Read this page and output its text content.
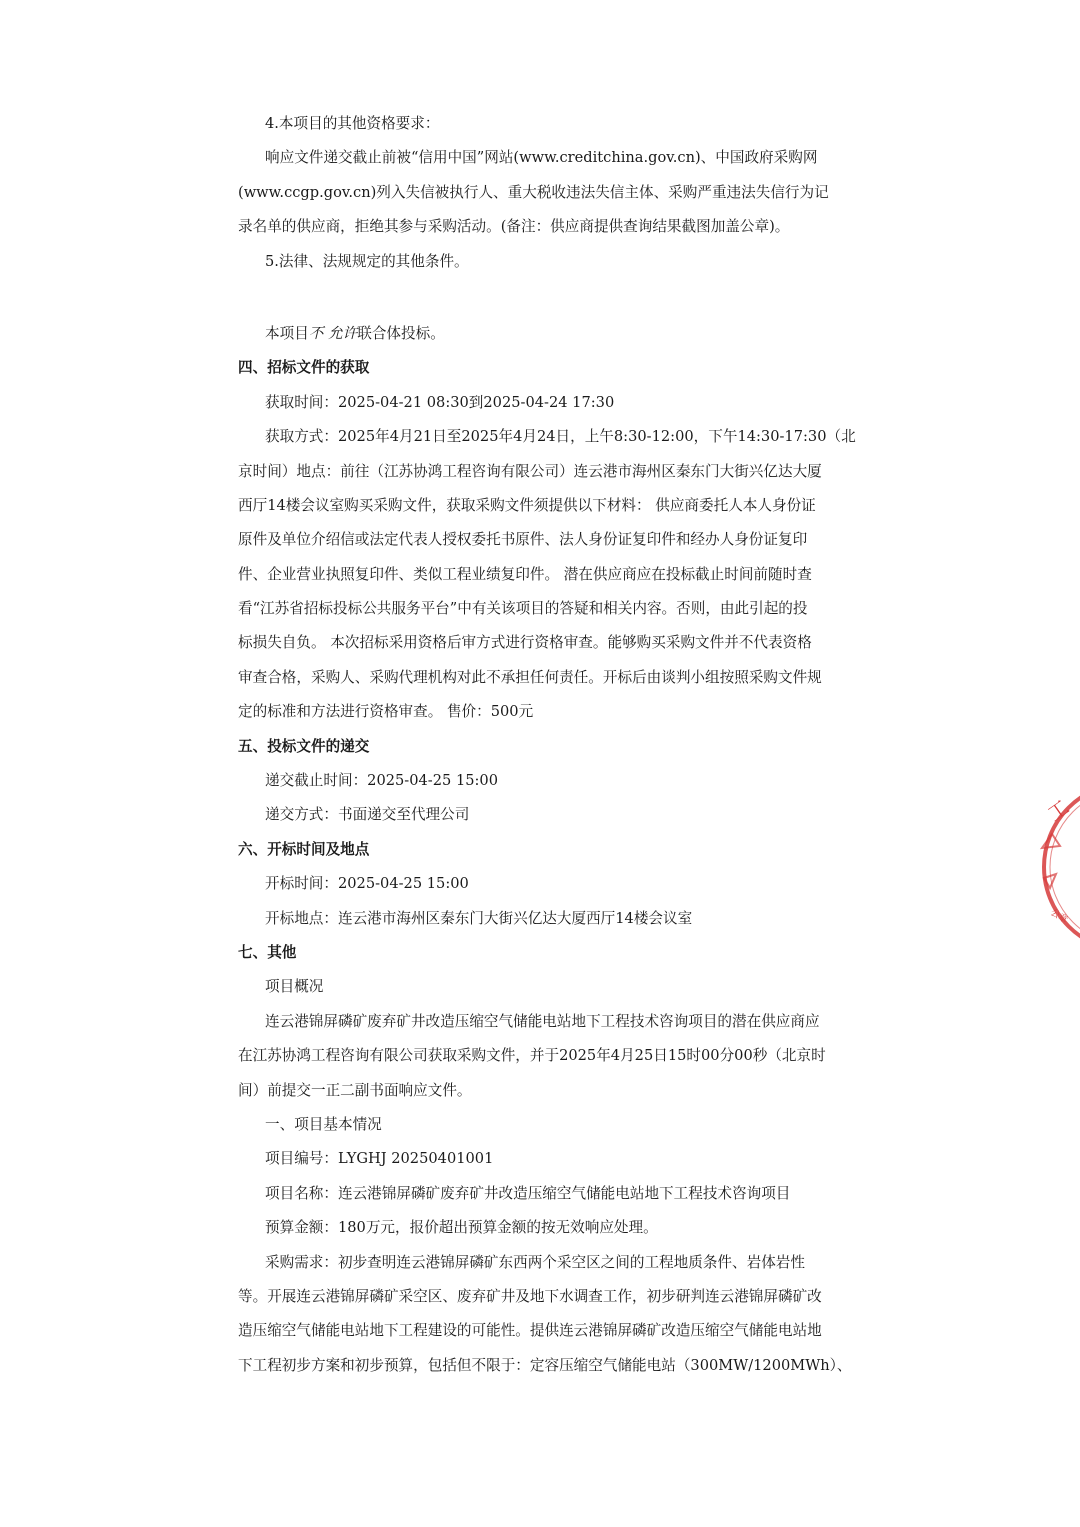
4.本项目的其他资格要求：
响应文件递交截止前被“信用中国”网站(www.creditchina.gov.cn)、中国政府采购网
(www.ccgp.gov.cn)列入失信被执行人、重大税收违法失信主体、采购严重违法失信行为记
录名单的供应商，拒绝其参与采购活动。(备注：供应商提供查询结果截图加盖公章)。
5.法律、法规规定的其他条件。
本项目不 允许联合体投标。
四、招标文件的获取
获取时间：2025-04-21 08:30到2025-04-24 17:30
获取方式：2025年4月21日至2025年4月24日，上午8:30-12:00，下午14:30-17:30（北
京时间）地点：前往（江苏协鸿工程咨询有限公司）连云港市海州区秦东门大街兴亿达大厦
西厅14楼会议室购买采购文件，获取采购文件须提供以下材料： 供应商委托人本人身份证
原件及单位介绍信或法定代表人授权委托书原件、法人身份证复印件和经办人身份证复印
件、企业营业执照复印件、类似工程业绩复印件。 潜在供应商应在投标截止时间前随时查
看“江苏省招标投标公共服务平台”中有关该项目的答疑和相关内容。否则，由此引起的投
标损失自负。 本次招标采用资格后审方式进行资格审查。能够购买采购文件并不代表资格
审查合格，采购人、采购代理机构对此不承担任何责任。开标后由谈判小组按照采购文件规
定的标准和方法进行资格审查。 售价：500元
五、投标文件的递交
递交截止时间：2025-04-25 15:00
递交方式：书面递交至代理公司
六、开标时间及地点
开标时间：2025-04-25 15:00
开标地点：连云港市海州区秦东门大街兴亿达大厦西厅14楼会议室
七、其他
项目概况
连云港锦屏磷矿废弃矿井改造压缩空气储能电站地下工程技术咨询项目的潜在供应商应
在江苏协鸿工程咨询有限公司获取采购文件，并于2025年4月25日15时00分00秒（北京时
间）前提交一正二副书面响应文件。
一、项目基本情况
项目编号：LYGHJ 20250401001
项目名称：连云港锦屏磷矿废弃矿井改造压缩空气储能电站地下工程技术咨询项目
预算金额：180万元，报价超出预算金额的按无效响应处理。
采购需求：初步查明连云港锦屏磷矿东西两个采空区之间的工程地质条件、岩体岩性
等。开展连云港锦屏磷矿采空区、废弃矿井及地下水调查工作，初步研判连云港锦屏磷矿改
造压缩空气储能电站地下工程建设的可能性。提供连云港锦屏磷矿改造压缩空气储能电站地
下工程初步方案和初步预算，包括但不限于：定容压缩空气储能电站（300MW/1200MWh）、
工
公章
